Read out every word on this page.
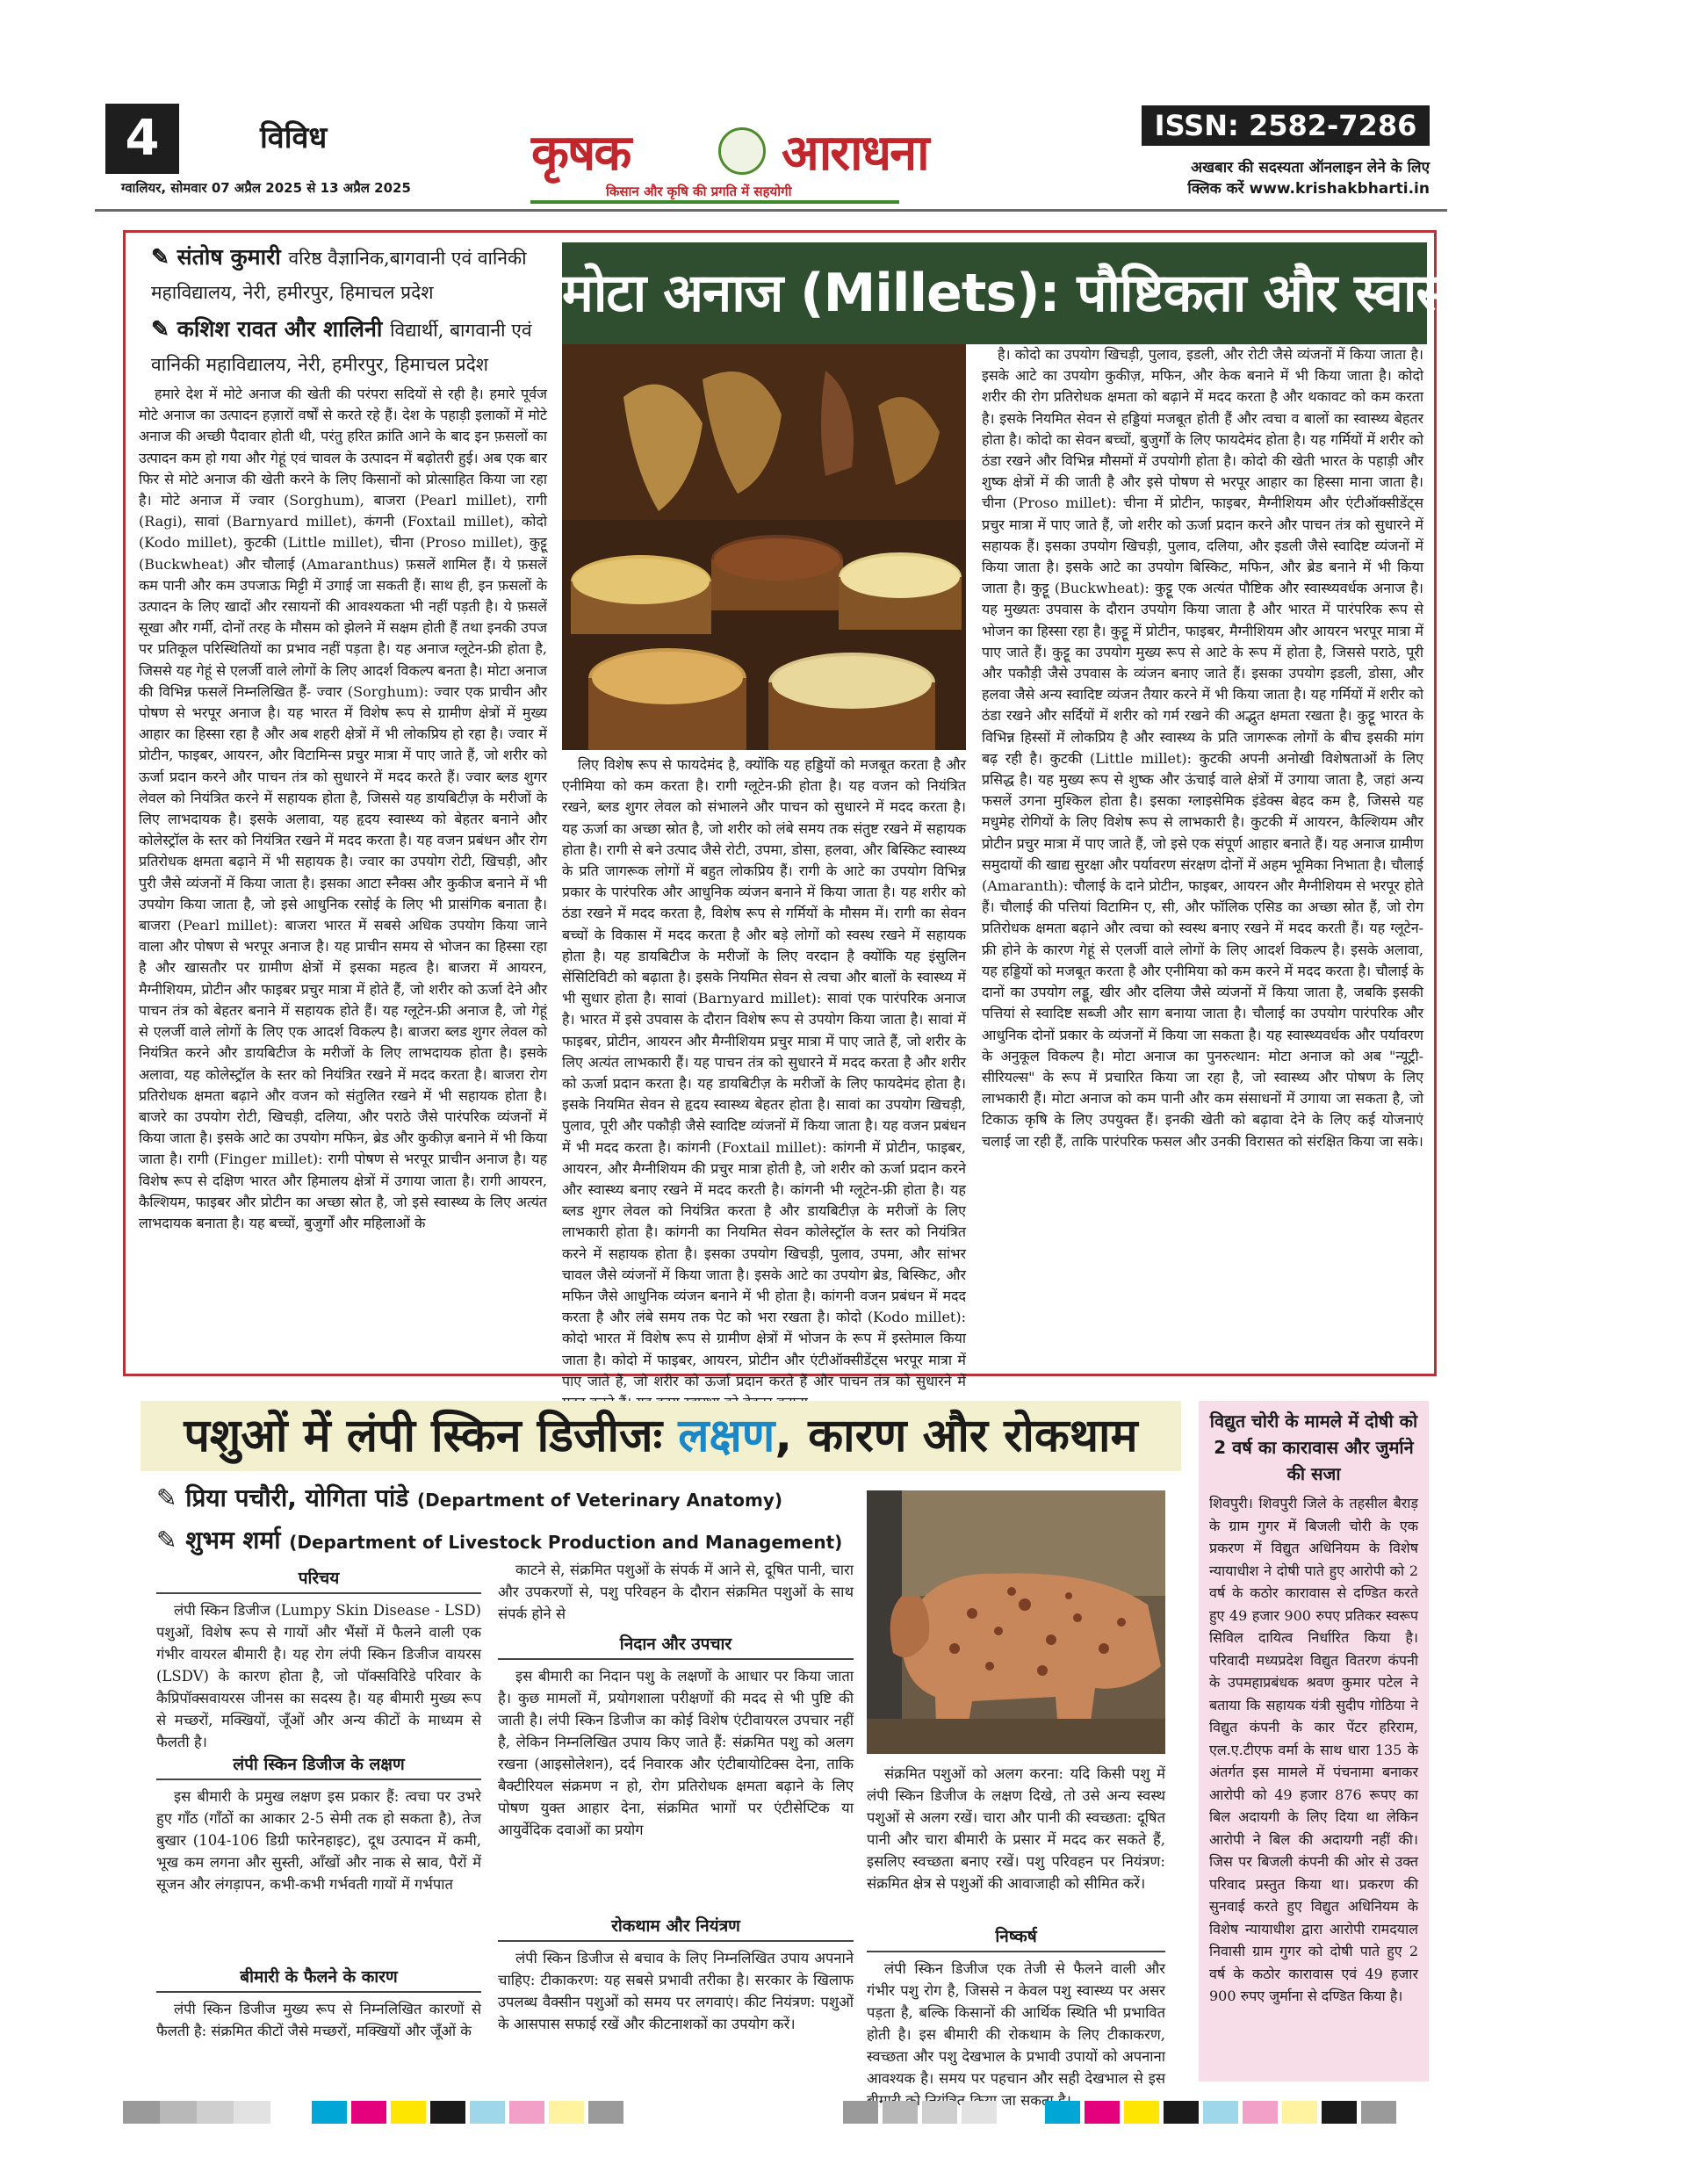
4	विविध
ग्वालियर, सोमवार 07 अप्रैल 2025 से 13 अप्रैल 2025
कृषक	आराधना
किसान और कृषि की प्रगति में सहयोगी
ISSN: 2582-7286
अखबार की सदस्यता ऑनलाइन लेने के लिए
क्लिक करें www.krishakbharti.in
मोटा अनाज (Millets): पौष्टिकता और स्वास्थ्य का खजाना
✎ संतोष कुमारी वरिष्ठ वैज्ञानिक,बागवानी एवं वानिकी महाविद्यालय, नेरी, हमीरपुर, हिमाचल प्रदेश
✎ कशिश रावत और शालिनी विद्यार्थी, बागवानी एवं वानिकी महाविद्यालय, नेरी, हमीरपुर, हिमाचल प्रदेश

हमारे देश में मोटे अनाज की खेती की परंपरा सदियों से रही है। हमारे पूर्वज मोटे अनाज का उत्पादन हज़ारों वर्षों से करते रहे हैं। देश के पहाड़ी इलाकों में मोटे अनाज की अच्छी पैदावार होती थी, परंतु हरित क्रांति आने के बाद इन फ़सलों का उत्पादन कम हो गया और गेहूं एवं चावल के उत्पादन में बढ़ोतरी हुई। अब एक बार फिर से मोटे अनाज की खेती करने के लिए किसानों को प्रोत्साहित किया जा रहा है। मोटे अनाज में ज्वार (Sorghum), बाजरा (Pearl millet), रागी (Ragi), सावां (Barnyard millet), कंगनी (Foxtail millet), कोदो (Kodo millet), कुटकी (Little millet), चीना (Proso millet), कुट्टू (Buckwheat) और चौलाई (Amaranthus) फ़सलें शामिल हैं। ये फ़सलें कम पानी और कम उपजाऊ मिट्टी में उगाई जा सकती हैं। साथ ही, इन फ़सलों के उत्पादन के लिए खादों और रसायनों की आवश्यकता भी नहीं पड़ती है। ये फ़सलें सूखा और गर्मी, दोनों तरह के मौसम को झेलने में सक्षम होती हैं तथा इनकी उपज पर प्रतिकूल परिस्थितियों का प्रभाव नहीं पड़ता है। यह अनाज ग्लूटेन-फ्री होता है, जिससे यह गेहूं से एलर्जी वाले लोगों के लिए आदर्श विकल्प बनता है। मोटा अनाज की विभिन्न फसलें निम्नलिखित हैं- ज्वार (Sorghum): ज्वार एक प्राचीन और पोषण से भरपूर अनाज है। यह भारत में विशेष रूप से ग्रामीण क्षेत्रों में मुख्य आहार का हिस्सा रहा है और अब शहरी क्षेत्रों में भी लोकप्रिय हो रहा है। ज्वार में प्रोटीन, फाइबर, आयरन, और विटामिन्स प्रचुर मात्रा में पाए जाते हैं, जो शरीर को ऊर्जा प्रदान करने और पाचन तंत्र को सुधारने में मदद करते हैं। ज्वार ब्लड शुगर लेवल को नियंत्रित करने में सहायक होता है, जिससे यह डायबिटीज़ के मरीजों के लिए लाभदायक है। इसके अलावा, यह हृदय स्वास्थ्य को बेहतर बनाने और कोलेस्ट्रॉल के स्तर को नियंत्रित रखने में मदद करता है। यह वजन प्रबंधन और रोग प्रतिरोधक क्षमता बढ़ाने में भी सहायक है। ज्वार का उपयोग रोटी, खिचड़ी, और पुरी जैसे व्यंजनों में किया जाता है। इसका आटा स्नैक्स और कुकीज बनाने में भी उपयोग किया जाता है, जो इसे आधुनिक रसोई के लिए भी प्रासंगिक बनाता है। बाजरा (Pearl millet): बाजरा भारत में सबसे अधिक उपयोग किया जाने वाला और पोषण से भरपूर अनाज है। यह प्राचीन समय से भोजन का हिस्सा रहा है और खासतौर पर ग्रामीण क्षेत्रों में इसका महत्व है। बाजरा में आयरन, मैग्नीशियम, प्रोटीन और फाइबर प्रचुर मात्रा में होते हैं, जो शरीर को ऊर्जा देने और पाचन तंत्र को बेहतर बनाने में सहायक होते हैं। यह ग्लूटेन-फ्री अनाज है, जो गेहूं से एलर्जी वाले लोगों के लिए एक आदर्श विकल्प है। बाजरा ब्लड शुगर लेवल को नियंत्रित करने और डायबिटीज के मरीजों के लिए लाभदायक होता है। इसके अलावा, यह कोलेस्ट्रॉल के स्तर को नियंत्रित रखने में मदद करता है। बाजरा रोग प्रतिरोधक क्षमता बढ़ाने और वजन को संतुलित रखने में भी सहायक होता है। बाजरे का उपयोग रोटी, खिचड़ी, दलिया, और पराठे जैसे पारंपरिक व्यंजनों में किया जाता है। इसके आटे का उपयोग मफिन, ब्रेड और कुकीज़ बनाने में भी किया जाता है। रागी (Finger millet): रागी पोषण से भरपूर प्राचीन अनाज है। यह विशेष रूप से दक्षिण भारत और हिमालय क्षेत्रों में उगाया जाता है। रागी आयरन, कैल्शियम, फाइबर और प्रोटीन का अच्छा स्रोत है, जो इसे स्वास्थ्य के लिए अत्यंत लाभदायक बनाता है। यह बच्चों, बुजुर्गों और महिलाओं के

लिए विशेष रूप से फायदेमंद है, क्योंकि यह हड्डियों को मजबूत करता है और एनीमिया को कम करता है। रागी ग्लूटेन-फ्री होता है। यह वजन को नियंत्रित रखने, ब्लड शुगर लेवल को संभालने और पाचन को सुधारने में मदद करता है। यह ऊर्जा का अच्छा स्रोत है, जो शरीर को लंबे समय तक संतुष्ट रखने में सहायक होता है। रागी से बने उत्पाद जैसे रोटी, उपमा, डोसा, हलवा, और बिस्किट स्वास्थ्य के प्रति जागरूक लोगों में बहुत लोकप्रिय हैं। रागी के आटे का उपयोग विभिन्न प्रकार के पारंपरिक और आधुनिक व्यंजन बनाने में किया जाता है। यह शरीर को ठंडा रखने में मदद करता है, विशेष रूप से गर्मियों के मौसम में। रागी का सेवन बच्चों के विकास में मदद करता है और बड़े लोगों को स्वस्थ रखने में सहायक होता है। यह डायबिटीज के मरीजों के लिए वरदान है क्योंकि यह इंसुलिन सेंसिटिविटी को बढ़ाता है। इसके नियमित सेवन से त्वचा और बालों के स्वास्थ्य में भी सुधार होता है। सावां (Barnyard millet): सावां एक पारंपरिक अनाज है। भारत में इसे उपवास के दौरान विशेष रूप से उपयोग किया जाता है। सावां में फाइबर, प्रोटीन, आयरन और मैग्नीशियम प्रचुर मात्रा में पाए जाते हैं, जो शरीर के लिए अत्यंत लाभकारी हैं। यह पाचन तंत्र को सुधारने में मदद करता है और शरीर को ऊर्जा प्रदान करता है। यह डायबिटीज़ के मरीजों के लिए फायदेमंद होता है। इसके नियमित सेवन से हृदय स्वास्थ्य बेहतर होता है। सावां का उपयोग खिचड़ी, पुलाव, पूरी और पकौड़ी जैसे स्वादिष्ट व्यंजनों में किया जाता है। यह वजन प्रबंधन में भी मदद करता है। कांगनी (Foxtail millet): कांगनी में प्रोटीन, फाइबर, आयरन, और मैग्नीशियम की प्रचुर मात्रा होती है, जो शरीर को ऊर्जा प्रदान करने और स्वास्थ्य बनाए रखने में मदद करती है। कांगनी भी ग्लूटेन-फ्री होता है। यह ब्लड शुगर लेवल को नियंत्रित करता है और डायबिटीज़ के मरीजों के लिए लाभकारी होता है। कांगनी का नियमित सेवन कोलेस्ट्रॉल के स्तर को नियंत्रित करने में सहायक होता है। इसका उपयोग खिचड़ी, पुलाव, उपमा, और सांभर चावल जैसे व्यंजनों में किया जाता है। इसके आटे का उपयोग ब्रेड, बिस्किट, और मफिन जैसे आधुनिक व्यंजन बनाने में भी होता है। कांगनी वजन प्रबंधन में मदद करता है और लंबे समय तक पेट को भरा रखता है। कोदो (Kodo millet): कोदो भारत में विशेष रूप से ग्रामीण क्षेत्रों में भोजन के रूप में इस्तेमाल किया जाता है। कोदो में फाइबर, आयरन, प्रोटीन और एंटीऑक्सीडेंट्स भरपूर मात्रा में पाए जाते हैं, जो शरीर को ऊर्जा प्रदान करते हैं और पाचन तंत्र को सुधारने में

है। कोदो का उपयोग खिचड़ी, पुलाव, इडली, और रोटी जैसे व्यंजनों में किया जाता है। इसके आटे का उपयोग कुकीज़, मफिन, और केक बनाने में भी किया जाता है। कोदो शरीर की रोग प्रतिरोधक क्षमता को बढ़ाने में मदद करता है और थकावट को कम करता है। इसके नियमित सेवन से हड्डियां मजबूत होती हैं और त्वचा व बालों का स्वास्थ्य बेहतर होता है। कोदो का सेवन बच्चों, बुजुर्गों के लिए फायदेमंद होता है। यह गर्मियों में शरीर को ठंडा रखने और विभिन्न मौसमों में उपयोगी होता है। कोदो की खेती भारत के पहाड़ी और शुष्क क्षेत्रों में की जाती है और इसे पोषण से भरपूर आहार का हिस्सा माना जाता है। चीना (Proso millet): चीना में प्रोटीन, फाइबर, मैग्नीशियम और एंटीऑक्सीडेंट्स प्रचुर मात्रा में पाए जाते हैं, जो शरीर को ऊर्जा प्रदान करने और पाचन तंत्र को सुधारने में सहायक हैं। इसका उपयोग खिचड़ी, पुलाव, दलिया, और इडली जैसे स्वादिष्ट व्यंजनों में किया जाता है। इसके आटे का उपयोग बिस्किट, मफिन, और ब्रेड बनाने में भी किया जाता है। कुट्टू (Buckwheat): कुट्टू एक अत्यंत पौष्टिक और स्वास्थ्यवर्धक अनाज है। यह मुख्यतः उपवास के दौरान उपयोग किया जाता है और भारत में पारंपरिक रूप से भोजन का हिस्सा रहा है। कुट्टू में प्रोटीन, फाइबर, मैग्नीशियम और आयरन भरपूर मात्रा में पाए जाते हैं। कुट्टू का उपयोग मुख्य रूप से आटे के रूप में होता है, जिससे पराठे, पूरी और पकौड़ी जैसे उपवास के व्यंजन बनाए जाते हैं। इसका उपयोग इडली, डोसा, और हलवा जैसे अन्य स्वादिष्ट व्यंजन तैयार करने में भी किया जाता है। यह गर्मियों में शरीर को ठंडा रखने और सर्दियों में शरीर को गर्म रखने की अद्भुत क्षमता रखता है। कुट्टू भारत के विभिन्न हिस्सों में लोकप्रिय है और स्वास्थ्य के प्रति जागरूक लोगों के बीच इसकी मांग बढ़ रही है। कुटकी (Little millet): कुटकी अपनी अनोखी विशेषताओं के लिए प्रसिद्ध है। यह मुख्य रूप से शुष्क और ऊंचाई वाले क्षेत्रों में उगाया जाता है, जहां अन्य फसलें उगना मुश्किल होता है। इसका ग्लाइसेमिक इंडेक्स बेहद कम है, जिससे यह मधुमेह रोगियों के लिए विशेष रूप से लाभकारी है। कुटकी में आयरन, कैल्शियम और प्रोटीन प्रचुर मात्रा में पाए जाते हैं, जो इसे एक संपूर्ण आहार बनाते हैं। यह अनाज ग्रामीण समुदायों की खाद्य सुरक्षा और पर्यावरण संरक्षण दोनों में अहम भूमिका निभाता है। चौलाई (Amaranth): चौलाई के दाने प्रोटीन, फाइबर, आयरन और मैग्नीशियम से भरपूर होते हैं। चौलाई की पत्तियां विटामिन ए, सी, और फॉलिक एसिड का अच्छा स्रोत हैं, जो रोग प्रतिरोधक क्षमता बढ़ाने और त्वचा को स्वस्थ बनाए रखने में मदद करती हैं। यह ग्लूटेन-फ्री होने के कारण गेहूं से एलर्जी वाले लोगों के लिए आदर्श विकल्प है। इसके अलावा, यह हड्डियों को मजबूत करता है और एनीमिया को कम करने में मदद करता है। चौलाई के दानों का उपयोग लड्डू, खीर और दलिया जैसे व्यंजनों में किया जाता है, जबकि इसकी पत्तियां से स्वादिष्ट सब्जी और साग बनाया जाता है। चौलाई का उपयोग पारंपरिक और आधुनिक दोनों प्रकार के व्यंजनों में किया जा सकता है। यह स्वास्थ्यवर्धक और पर्यावरण के अनुकूल विकल्प है। मोटा अनाज का पुनरुत्थान: मोटा अनाज को अब "न्यूट्री-सीरियल्स" के रूप में प्रचारित किया जा रहा है, जो स्वास्थ्य और पोषण के लिए लाभकारी हैं। मोटा अनाज को कम पानी और कम संसाधनों में उगाया जा सकता है, जो टिकाऊ कृषि के लिए उपयुक्त हैं। इनकी खेती को बढ़ावा देने के लिए कई योजनाएं चलाई जा रही हैं, ताकि पारंपरिक फसल और उनकी विरासत को संरक्षित किया जा सके।

पशुओं में लंपी स्किन डिजीजः लक्षण, कारण और रोकथाम
✎ प्रिया पचौरी, योगिता पांडे (Department of Veterinary Anatomy)
✎ शुभम शर्मा (Department of Livestock Production and Management)
परिचय

लंपी स्किन डिजीज (Lumpy Skin Disease - LSD) पशुओं, विशेष रूप से गायों और भैंसों में फैलने वाली एक गंभीर वायरल बीमारी है। यह रोग लंपी स्किन डिजीज वायरस (LSDV) के कारण होता है, जो पॉक्सविरिडे परिवार के कैप्रिपॉक्सवायरस जीनस का सदस्य है। यह बीमारी मुख्य रूप से मच्छरों, मक्खियों, जूँओं और अन्य कीटों के माध्यम से फैलती है।

लंपी स्किन डिजीज के लक्षण

इस बीमारी के प्रमुख लक्षण इस प्रकार हैं: त्वचा पर उभरे हुए गाँठ (गाँठों का आकार 2-5 सेमी तक हो सकता है), तेज बुखार (104-106 डिग्री फारेनहाइट), दूध उत्पादन में कमी, भूख कम लगना और सुस्ती, आँखों और नाक से स्राव, पैरों में सूजन और लंगड़ापन, कभी-कभी गर्भवती गायों में गर्भपात

बीमारी के फैलने के कारण

लंपी स्किन डिजीज मुख्य रूप से निम्नलिखित कारणों से फैलती है: संक्रमित कीटों जैसे मच्छरों, मक्खियों और जूँओं के

काटने से, संक्रमित पशुओं के संपर्क में आने से, दूषित पानी, चारा और उपकरणों से, पशु परिवहन के दौरान संक्रमित पशुओं के साथ संपर्क होने से

निदान और उपचार

इस बीमारी का निदान पशु के लक्षणों के आधार पर किया जाता है। कुछ मामलों में, प्रयोगशाला परीक्षणों की मदद से भी पुष्टि की जाती है। लंपी स्किन डिजीज का कोई विशेष एंटीवायरल उपचार नहीं है, लेकिन निम्नलिखित उपाय किए जाते हैं: संक्रमित पशु को अलग रखना (आइसोलेशन), दर्द निवारक और एंटीबायोटिक्स देना, ताकि बैक्टीरियल संक्रमण न हो, रोग प्रतिरोधक क्षमता बढ़ाने के लिए पोषण युक्त आहार देना, संक्रमित भागों पर एंटीसेप्टिक या आयुर्वेदिक दवाओं का प्रयोग

रोकथाम और नियंत्रण

लंपी स्किन डिजीज से बचाव के लिए निम्नलिखित उपाय अपनाने चाहिए: टीकाकरण: यह सबसे प्रभावी तरीका है। सरकार के खिलाफ उपलब्ध वैक्सीन पशुओं को समय पर लगवाएं। कीट नियंत्रण: पशुओं के आसपास सफाई रखें और कीटनाशकों का उपयोग करें।

संक्रमित पशुओं को अलग करना: यदि किसी पशु में लंपी स्किन डिजीज के लक्षण दिखे, तो उसे अन्य स्वस्थ पशुओं से अलग रखें। चारा और पानी की स्वच्छता: दूषित पानी और चारा बीमारी के प्रसार में मदद कर सकते हैं, इसलिए स्वच्छता बनाए रखें। पशु परिवहन पर नियंत्रण: संक्रमित क्षेत्र से पशुओं की आवाजाही को सीमित करें।

निष्कर्ष

लंपी स्किन डिजीज एक तेजी से फैलने वाली और गंभीर पशु रोग है, जिससे न केवल पशु स्वास्थ्य पर असर पड़ता है, बल्कि किसानों की आर्थिक स्थिति भी प्रभावित होती है। इस बीमारी की रोकथाम के लिए टीकाकरण, स्वच्छता और पशु देखभाल के प्रभावी उपायों को अपनाना आवश्यक है। समय पर पहचान और सही देखभाल से इस जा सकता

विद्युत चोरी के मामले में दोषी को 2 वर्ष का कारावास और जुर्माने की सजा
शिवपुरी। शिवपुरी जिले के तहसील बैराड़ के ग्राम गुगर में बिजली चोरी के एक प्रकरण में विद्युत अधिनियम के विशेष न्यायाधीश ने दोषी पाते हुए आरोपी को 2 वर्ष के कठोर कारावास से दण्डित करते हुए 49 हजार 900 रुपए प्रतिकर स्वरूप सिविल दायित्व निर्धारित किया है। परिवादी मध्यप्रदेश विद्युत वितरण कंपनी के उपमहाप्रबंधक श्रवण कुमार पटेल ने बताया कि सहायक यंत्री सुदीप गोठिया ने विद्युत कंपनी के कार पेंटर हरिराम, एल.ए.टीएफ वर्मा के साथ धारा 135 के अंतर्गत इस मामले में पंचनामा बनाकर आरोपी को 49 हजार 876 रूपए का बिल अदायगी के लिए दिया था लेकिन आरोपी ने बिल की अदायगी नहीं की। जिस पर बिजली कंपनी की ओर से उक्त परिवाद प्रस्तुत किया था। प्रकरण की सुनवाई करते हुए विद्युत अधिनियम के विशेष न्यायाधीश द्वारा आरोपी रामदयाल निवासी ग्राम गुगर को दोषी पाते हुए 2 वर्ष के कठोर कारावास एवं 49 हजार 900 रुपए जुर्माना से दण्डित किया है।
